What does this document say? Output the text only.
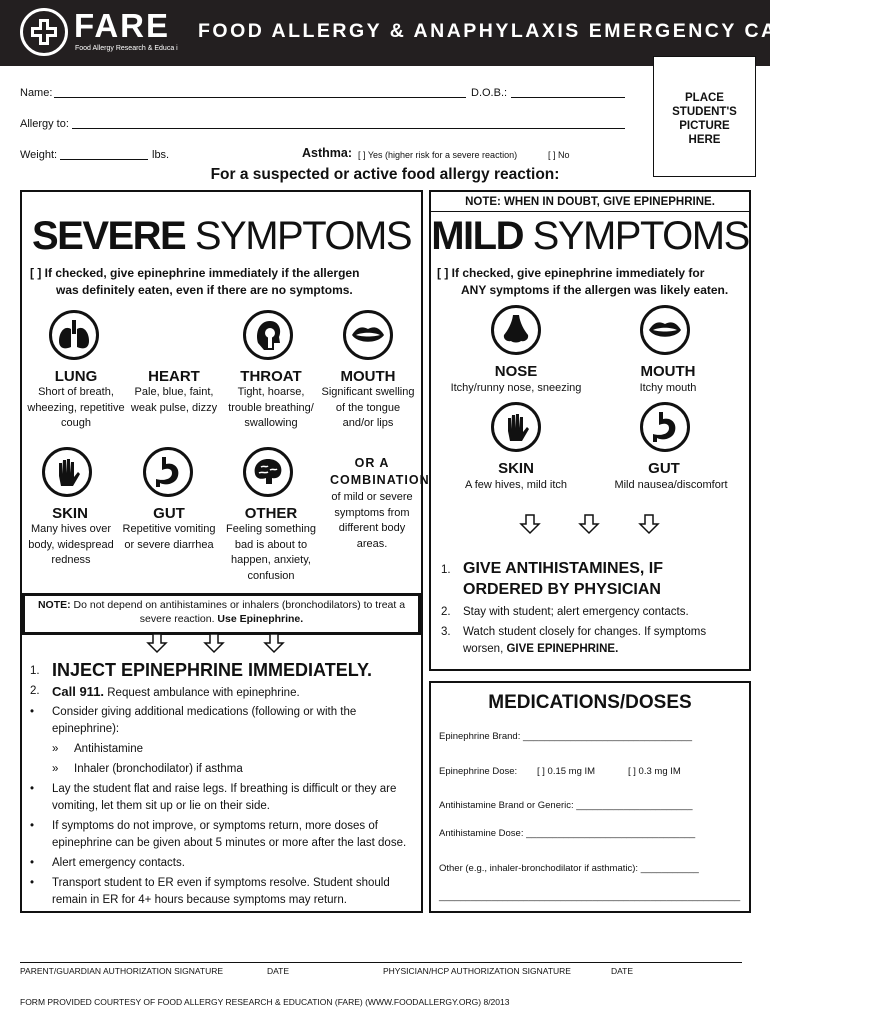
FARE
Food Allergy Research & Educa i
FOOD ALLERGY & ANAPHYLAXIS EMERGENCY CARE PLAN
Name:	D.O.B.:
Allergy to:
Weight:	lbs.	Asthma: [ ] Yes (higher risk for a severe reaction)	[ ] No
PLACE STUDENT'S PICTURE HERE
For a suspected or active food allergy reaction:
SEVERE SYMPTOMS
[ ] If checked, give epinephrine immediately if the allergen
was definitely eaten, even if there are no symptoms.
LUNG
Short of breath, wheezing, repetitive cough
HEART
Pale, blue, faint, weak pulse, dizzy
THROAT
Tight, hoarse, trouble breathing/ swallowing
MOUTH
Significant swelling of the tongue and/or lips
SKIN
Many hives over body, widespread redness
GUT
Repetitive vomiting or severe diarrhea
OTHER
Feeling something bad is about to happen, anxiety, confusion
OR A COMBINATION
of mild or severe symptoms from different body areas.
NOTE: Do not depend on antihistamines or inhalers (bronchodilators) to treat a severe reaction. Use Epinephrine.
1. INJECT EPINEPHRINE IMMEDIATELY.
2. Call 911. Request ambulance with epinephrine.
• Consider giving additional medications (following or with the epinephrine):
» Antihistamine
» Inhaler (bronchodilator) if asthma
• Lay the student flat and raise legs. If breathing is difficult or they are vomiting, let them sit up or lie on their side.
• If symptoms do not improve, or symptoms return, more doses of epinephrine can be given about 5 minutes or more after the last dose.
• Alert emergency contacts.
• Transport student to ER even if symptoms resolve. Student should remain in ER for 4+ hours because symptoms may return.
NOTE: WHEN IN DOUBT, GIVE EPINEPHRINE.
MILD SYMPTOMS
[ ] If checked, give epinephrine immediately for
ANY symptoms if the allergen was likely eaten.
NOSE
Itchy/runny nose, sneezing
MOUTH
Itchy mouth
SKIN
A few hives, mild itch
GUT
Mild nausea/discomfort
1. GIVE ANTIHISTAMINES, IF ORDERED BY PHYSICIAN
2. Stay with student; alert emergency contacts.
3. Watch student closely for changes. If symptoms worsen, GIVE EPINEPHRINE.
MEDICATIONS/DOSES
Epinephrine Brand: ________________________________
Epinephrine Dose: [ ] 0.15 mg IM	[ ] 0.3 mg IM
Antihistamine Brand or Generic: ______________________
Antihistamine Dose: ________________________________
Other (e.g., inhaler-bronchodilator if asthmatic): ___________
_________________________________________________________
PARENT/GUARDIAN AUTHORIZATION SIGNATURE	DATE	PHYSICIAN/HCP AUTHORIZATION SIGNATURE	DATE
FORM PROVIDED COURTESY OF FOOD ALLERGY RESEARCH & EDUCATION (FARE) (WWW.FOODALLERGY.ORG) 8/2013
